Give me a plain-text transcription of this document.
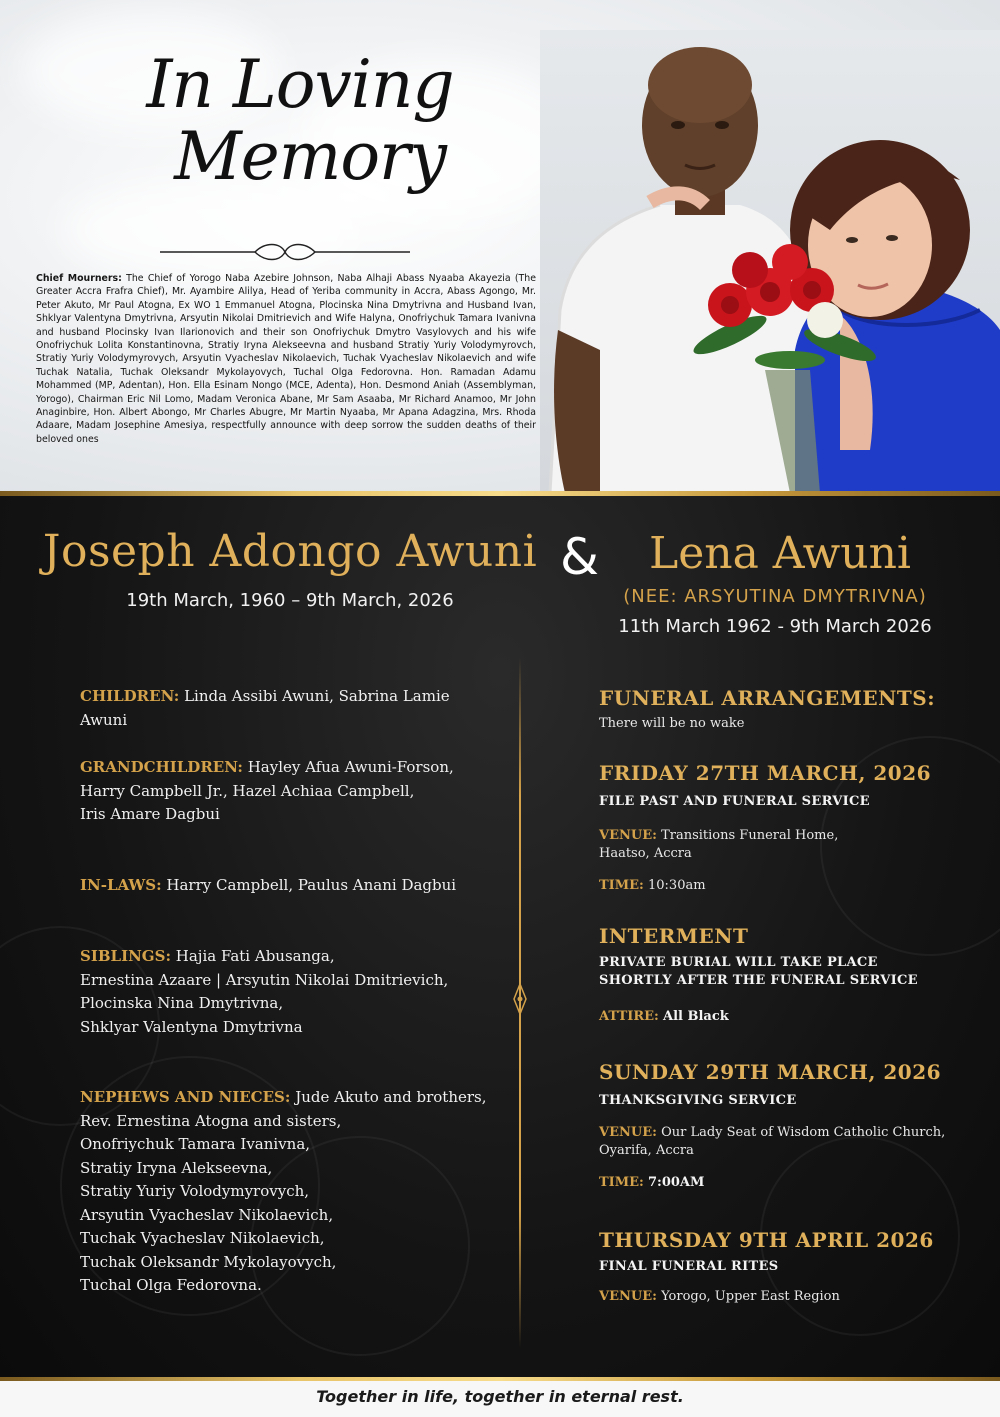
In Loving
Memory
Chief Mourners: The Chief of Yorogo Naba Azebire Johnson, Naba Alhaji Abass Nyaaba Akayezia (The Greater Accra Frafra Chief), Mr. Ayambire Alilya, Head of Yeriba community in Accra, Abass Agongo, Mr. Peter Akuto, Mr Paul Atogna, Ex WO 1 Emmanuel Atogna, Plocinska Nina Dmytrivna and Husband Ivan, Shklyar Valentyna Dmytrivna, Arsyutin Nikolai Dmitrievich and Wife Halyna, Onofriychuk Tamara Ivanivna and husband Plocinsky Ivan Ilarionovich and their son Onofriychuk Dmytro Vasylovych and his wife Onofriychuk Lolita Konstantinovna, Stratiy Iryna Alekseevna and husband Stratiy Yuriy Volodymyrovch, Stratiy Yuriy Volodymyrovych, Arsyutin Vyacheslav Nikolaevich, Tuchak Vyacheslav Nikolaevich and wife Tuchak Natalia, Tuchak Oleksandr Mykolayovych, Tuchal Olga Fedorovna. Hon. Ramadan Adamu Mohammed (MP, Adentan), Hon. Ella Esinam Nongo (MCE, Adenta), Hon. Desmond Aniah (Assemblyman, Yorogo), Chairman Eric Nil Lomo, Madam Veronica Abane, Mr Sam Asaaba, Mr Richard Anamoo, Mr John Anaginbire, Hon. Albert Abongo, Mr Charles Abugre, Mr Martin Nyaaba, Mr Apana Adagzina, Mrs. Rhoda Adaare, Madam Josephine Amesiya, respectfully announce with deep sorrow the sudden deaths of their beloved ones
Joseph Adongo Awuni
19th March, 1960 – 9th March, 2026
&	Lena Awuni
(NEE: ARSYUTINA DMYTRIVNA)
11th March 1962 - 9th March 2026
CHILDREN: Linda Assibi Awuni, Sabrina Lamie Awuni
GRANDCHILDREN: Hayley Afua Awuni-Forson,
Harry Campbell Jr., Hazel Achiaa Campbell,
Iris Amare Dagbui
IN-LAWS: Harry Campbell, Paulus Anani Dagbui
SIBLINGS: Hajia Fati Abusanga,
Ernestina Azaare | Arsyutin Nikolai Dmitrievich,
Plocinska Nina Dmytrivna,
Shklyar Valentyna Dmytrivna
NEPHEWS AND NIECES: Jude Akuto and brothers,
Rev. Ernestina Atogna and sisters,
Onofriychuk Tamara Ivanivna,
Stratiy Iryna Alekseevna,
Stratiy Yuriy Volodymyrovych,
Arsyutin Vyacheslav Nikolaevich,
Tuchak Vyacheslav Nikolaevich,
Tuchak Oleksandr Mykolayovych,
Tuchal Olga Fedorovna.
FUNERAL ARRANGEMENTS:
There will be no wake
FRIDAY 27TH MARCH, 2026
FILE PAST AND FUNERAL SERVICE
VENUE: Transitions Funeral Home,
Haatso, Accra
TIME: 10:30am
INTERMENT
PRIVATE BURIAL WILL TAKE PLACE
SHORTLY AFTER THE FUNERAL SERVICE
ATTIRE: All Black
SUNDAY 29TH MARCH, 2026
THANKSGIVING SERVICE
VENUE: Our Lady Seat of Wisdom Catholic Church,
Oyarifa, Accra
TIME: 7:00AM
THURSDAY 9TH APRIL 2026
FINAL FUNERAL RITES
VENUE: Yorogo, Upper East Region
Together in life, together in eternal rest.
